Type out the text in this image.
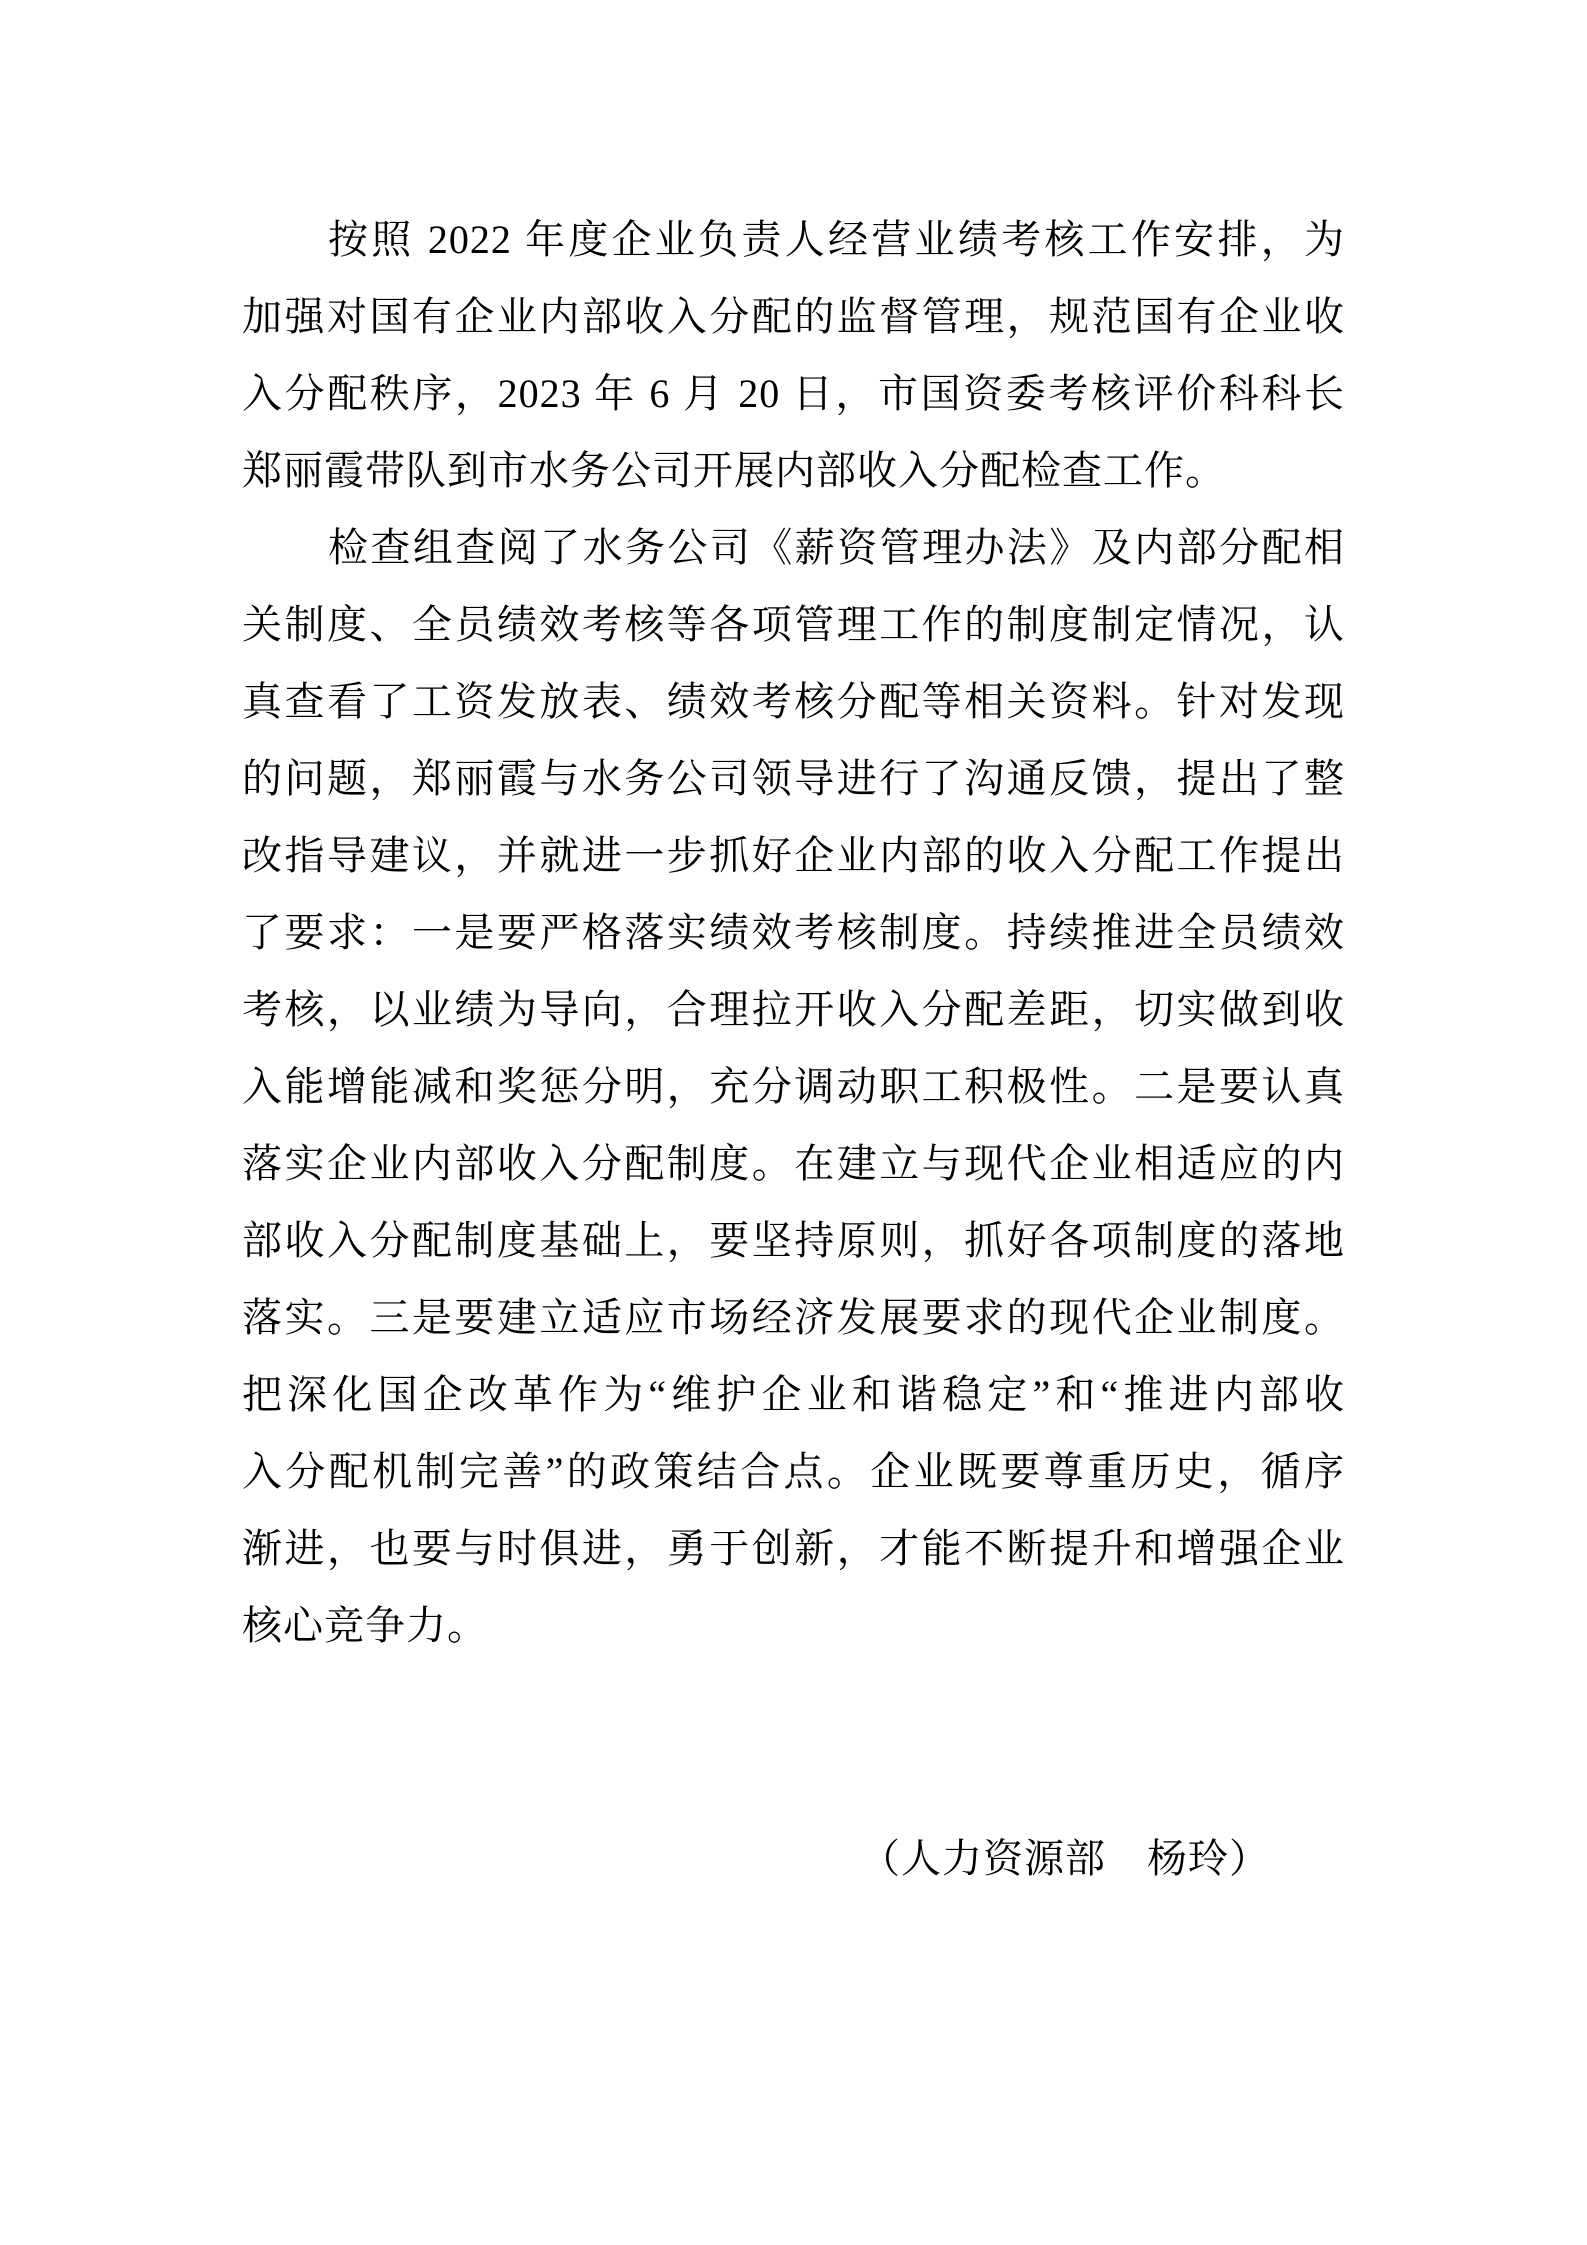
按照 2022 年度企业负责人经营业绩考核工作安排，为
加强对国有企业内部收入分配的监督管理，规范国有企业收
入分配秩序，2023 年 6 月 20 日，市国资委考核评价科科长
郑丽霞带队到市水务公司开展内部收入分配检查工作。

检查组查阅了水务公司《薪资管理办法》及内部分配相
关制度、全员绩效考核等各项管理工作的制度制定情况，认
真查看了工资发放表、绩效考核分配等相关资料。针对发现
的问题，郑丽霞与水务公司领导进行了沟通反馈，提出了整
改指导建议，并就进一步抓好企业内部的收入分配工作提出
了要求：一是要严格落实绩效考核制度。持续推进全员绩效
考核，以业绩为导向，合理拉开收入分配差距，切实做到收
入能增能减和奖惩分明，充分调动职工积极性。二是要认真
落实企业内部收入分配制度。在建立与现代企业相适应的内
部收入分配制度基础上，要坚持原则，抓好各项制度的落地
落实。三是要建立适应市场经济发展要求的现代企业制度。
把深化国企改革作为“维护企业和谐稳定”和“推进内部收
入分配机制完善”的政策结合点。企业既要尊重历史，循序
渐进，也要与时俱进，勇于创新，才能不断提升和增强企业
核心竞争力。

（人力资源部　杨玲）
